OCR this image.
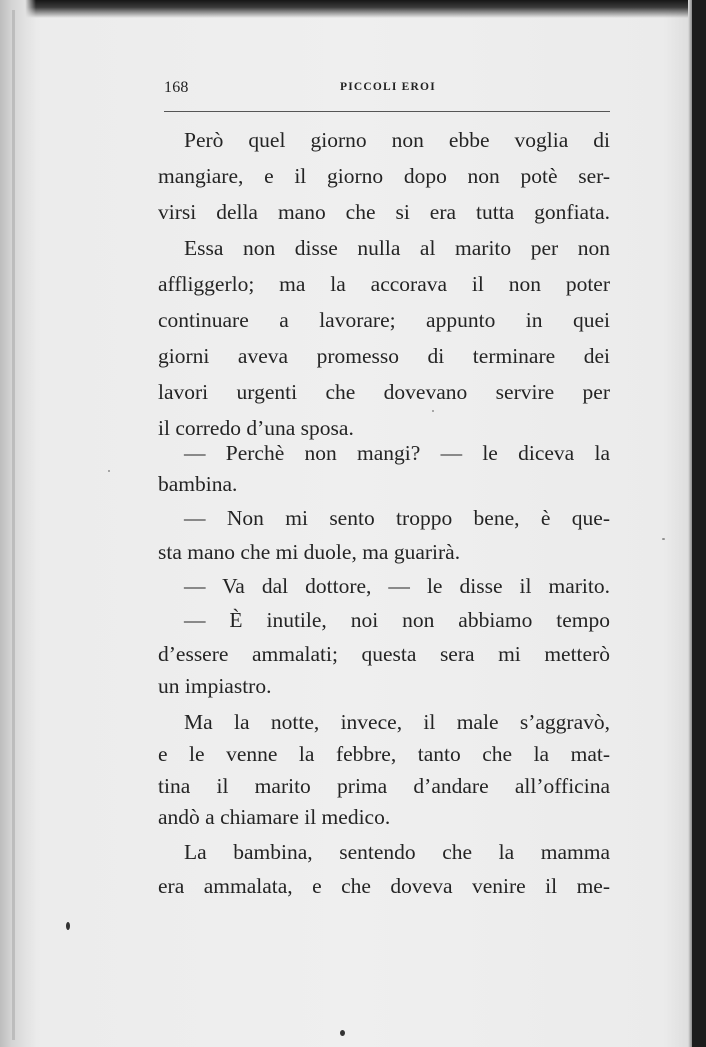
168	PICCOLI EROI
Però quel giorno non ebbe voglia di
mangiare, e il giorno dopo non potè ser-
virsi della mano che si era tutta gonfiata.
Essa non disse nulla al marito per non
affliggerlo; ma la accorava il non poter
continuare a lavorare; appunto in quei
giorni aveva promesso di terminare dei
lavori urgenti che dovevano servire per
il corredo d’una sposa.
— Perchè non mangi? — le diceva la
bambina.
— Non mi sento troppo bene, è que-
sta mano che mi duole, ma guarirà.
— Va dal dottore, — le disse il marito.
— È inutile, noi non abbiamo tempo
d’essere ammalati; questa sera mi metterò
un impiastro.
Ma la notte, invece, il male s’aggravò,
e le venne la febbre, tanto che la mat-
tina il marito prima d’andare all’officina
andò a chiamare il medico.
La bambina, sentendo che la mamma
era ammalata, e che doveva venire il me-
